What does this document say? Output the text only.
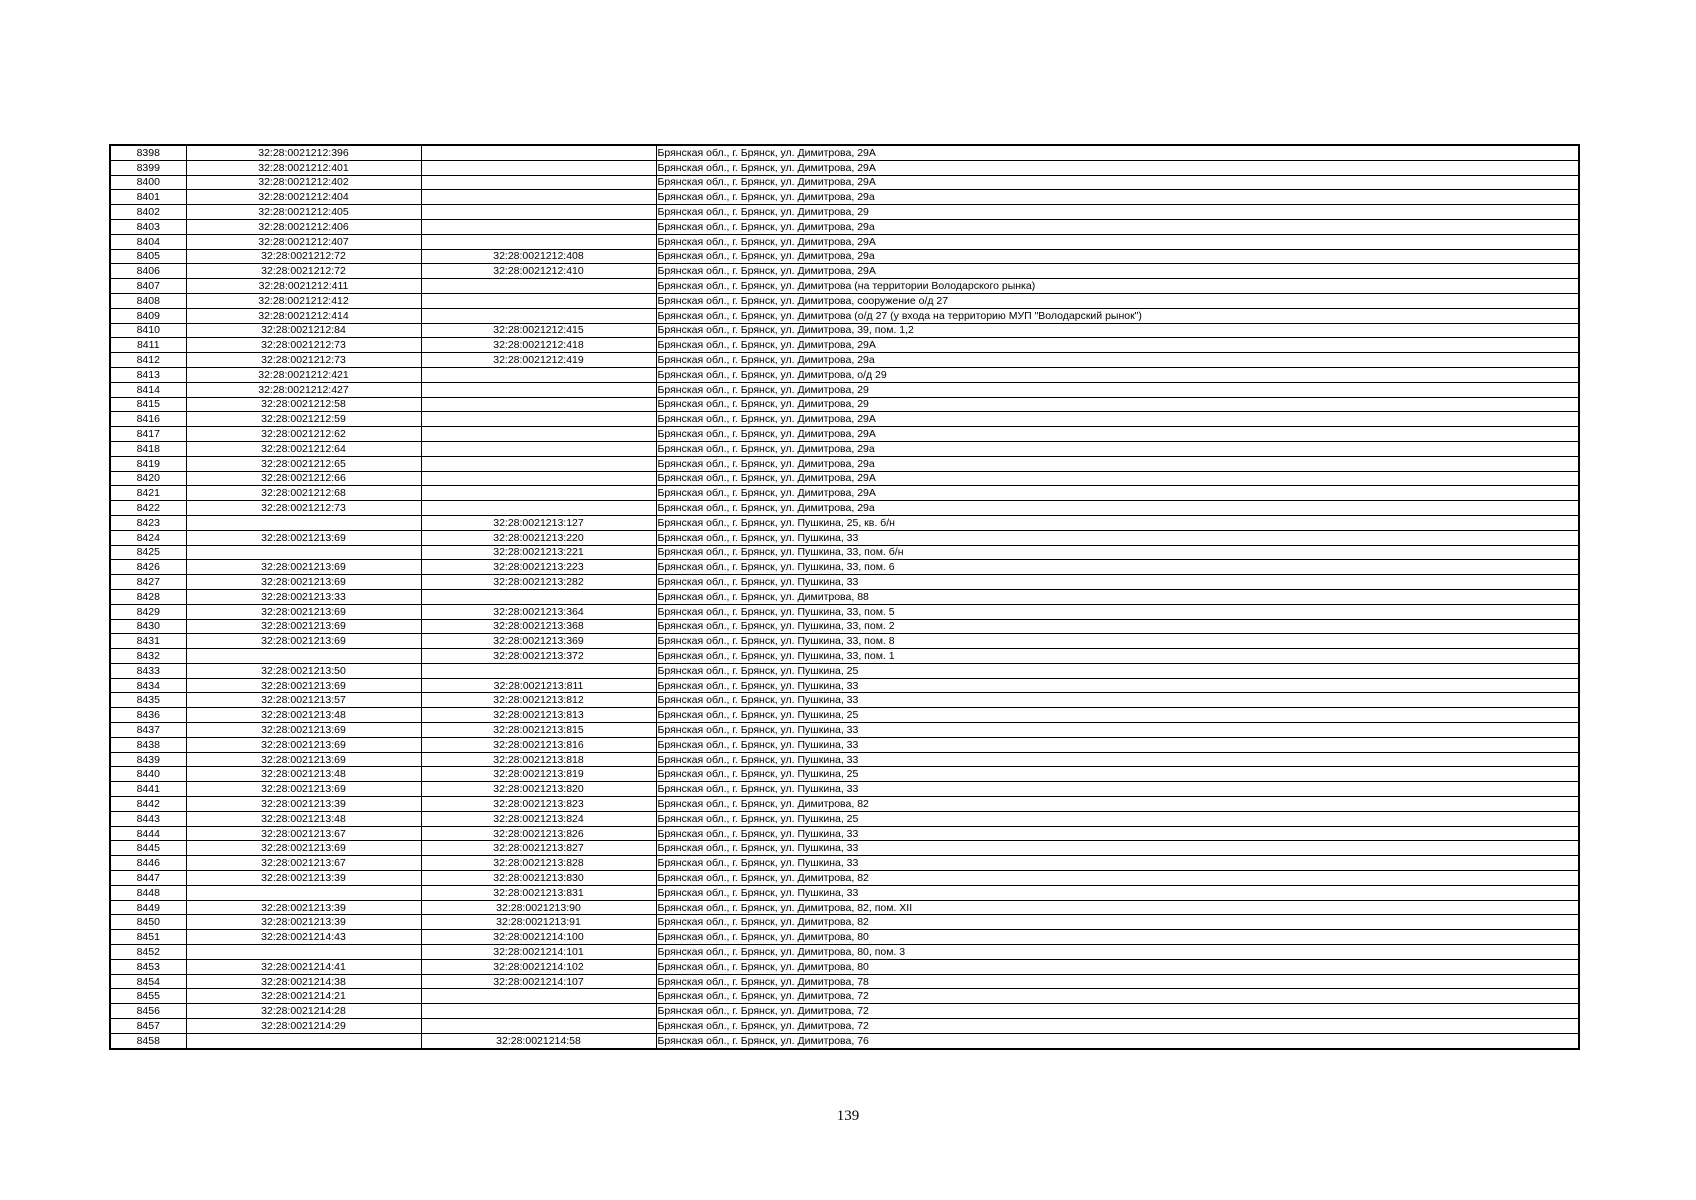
8398	32:28:0021212:396		Брянская обл., г. Брянск, ул. Димитрова, 29А
8399	32:28:0021212:401		Брянская обл., г. Брянск, ул. Димитрова, 29А
8400	32:28:0021212:402		Брянская обл., г. Брянск, ул. Димитрова, 29А
8401	32:28:0021212:404		Брянская обл., г. Брянск, ул. Димитрова, 29а
8402	32:28:0021212:405		Брянская обл., г. Брянск, ул. Димитрова, 29
8403	32:28:0021212:406		Брянская обл., г. Брянск, ул. Димитрова, 29а
8404	32:28:0021212:407		Брянская обл., г. Брянск, ул. Димитрова, 29А
8405	32:28:0021212:72	32:28:0021212:408	Брянская обл., г. Брянск, ул. Димитрова, 29а
8406	32:28:0021212:72	32:28:0021212:410	Брянская обл., г. Брянск, ул. Димитрова, 29А
8407	32:28:0021212:411		Брянская обл., г. Брянск, ул. Димитрова (на территории Володарского рынка)
8408	32:28:0021212:412		Брянская обл., г. Брянск, ул. Димитрова, сооружение о/д 27
8409	32:28:0021212:414		Брянская обл., г. Брянск, ул. Димитрова (о/д 27 (у входа на территорию МУП "Володарский рынок")
8410	32:28:0021212:84	32:28:0021212:415	Брянская обл., г. Брянск, ул. Димитрова, 39, пом. 1,2
8411	32:28:0021212:73	32:28:0021212:418	Брянская обл., г. Брянск, ул. Димитрова, 29А
8412	32:28:0021212:73	32:28:0021212:419	Брянская обл., г. Брянск, ул. Димитрова, 29а
8413	32:28:0021212:421		Брянская обл., г. Брянск, ул. Димитрова, о/д 29
8414	32:28:0021212:427		Брянская обл., г. Брянск, ул. Димитрова, 29
8415	32:28:0021212:58		Брянская обл., г. Брянск, ул. Димитрова, 29
8416	32:28:0021212:59		Брянская обл., г. Брянск, ул. Димитрова, 29А
8417	32:28:0021212:62		Брянская обл., г. Брянск, ул. Димитрова, 29А
8418	32:28:0021212:64		Брянская обл., г. Брянск, ул. Димитрова, 29а
8419	32:28:0021212:65		Брянская обл., г. Брянск, ул. Димитрова, 29а
8420	32:28:0021212:66		Брянская обл., г. Брянск, ул. Димитрова, 29А
8421	32:28:0021212:68		Брянская обл., г. Брянск, ул. Димитрова, 29А
8422	32:28:0021212:73		Брянская обл., г. Брянск, ул. Димитрова, 29а
8423		32:28:0021213:127	Брянская обл., г. Брянск, ул. Пушкина, 25, кв. б/н
8424	32:28:0021213:69	32:28:0021213:220	Брянская обл., г. Брянск, ул. Пушкина, 33
8425		32:28:0021213:221	Брянская обл., г. Брянск, ул. Пушкина, 33, пом. б/н
8426	32:28:0021213:69	32:28:0021213:223	Брянская обл., г. Брянск, ул. Пушкина, 33, пом. 6
8427	32:28:0021213:69	32:28:0021213:282	Брянская обл., г. Брянск, ул. Пушкина, 33
8428	32:28:0021213:33		Брянская обл., г. Брянск, ул. Димитрова, 88
8429	32:28:0021213:69	32:28:0021213:364	Брянская обл., г. Брянск, ул. Пушкина, 33, пом. 5
8430	32:28:0021213:69	32:28:0021213:368	Брянская обл., г. Брянск, ул. Пушкина, 33, пом. 2
8431	32:28:0021213:69	32:28:0021213:369	Брянская обл., г. Брянск, ул. Пушкина, 33, пом. 8
8432		32:28:0021213:372	Брянская обл., г. Брянск, ул. Пушкина, 33, пом. 1
8433	32:28:0021213:50		Брянская обл., г. Брянск, ул. Пушкина, 25
8434	32:28:0021213:69	32:28:0021213:811	Брянская обл., г. Брянск, ул. Пушкина, 33
8435	32:28:0021213:57	32:28:0021213:812	Брянская обл., г. Брянск, ул. Пушкина, 33
8436	32:28:0021213:48	32:28:0021213:813	Брянская обл., г. Брянск, ул. Пушкина, 25
8437	32:28:0021213:69	32:28:0021213:815	Брянская обл., г. Брянск, ул. Пушкина, 33
8438	32:28:0021213:69	32:28:0021213:816	Брянская обл., г. Брянск, ул. Пушкина, 33
8439	32:28:0021213:69	32:28:0021213:818	Брянская обл., г. Брянск, ул. Пушкина, 33
8440	32:28:0021213:48	32:28:0021213:819	Брянская обл., г. Брянск, ул. Пушкина, 25
8441	32:28:0021213:69	32:28:0021213:820	Брянская обл., г. Брянск, ул. Пушкина, 33
8442	32:28:0021213:39	32:28:0021213:823	Брянская обл., г. Брянск, ул. Димитрова, 82
8443	32:28:0021213:48	32:28:0021213:824	Брянская обл., г. Брянск, ул. Пушкина, 25
8444	32:28:0021213:67	32:28:0021213:826	Брянская обл., г. Брянск, ул. Пушкина, 33
8445	32:28:0021213:69	32:28:0021213:827	Брянская обл., г. Брянск, ул. Пушкина, 33
8446	32:28:0021213:67	32:28:0021213:828	Брянская обл., г. Брянск, ул. Пушкина, 33
8447	32:28:0021213:39	32:28:0021213:830	Брянская обл., г. Брянск, ул. Димитрова, 82
8448		32:28:0021213:831	Брянская обл., г. Брянск, ул. Пушкина, 33
8449	32:28:0021213:39	32:28:0021213:90	Брянская обл., г. Брянск, ул. Димитрова, 82, пом. XII
8450	32:28:0021213:39	32:28:0021213:91	Брянская обл., г. Брянск, ул. Димитрова, 82
8451	32:28:0021214:43	32:28:0021214:100	Брянская обл., г. Брянск, ул. Димитрова, 80
8452		32:28:0021214:101	Брянская обл., г. Брянск, ул. Димитрова, 80, пом. 3
8453	32:28:0021214:41	32:28:0021214:102	Брянская обл., г. Брянск, ул. Димитрова, 80
8454	32:28:0021214:38	32:28:0021214:107	Брянская обл., г. Брянск, ул. Димитрова, 78
8455	32:28:0021214:21		Брянская обл., г. Брянск, ул. Димитрова, 72
8456	32:28:0021214:28		Брянская обл., г. Брянск, ул. Димитрова, 72
8457	32:28:0021214:29		Брянская обл., г. Брянск, ул. Димитрова, 72
8458		32:28:0021214:58	Брянская обл., г. Брянск, ул. Димитрова, 76
139
